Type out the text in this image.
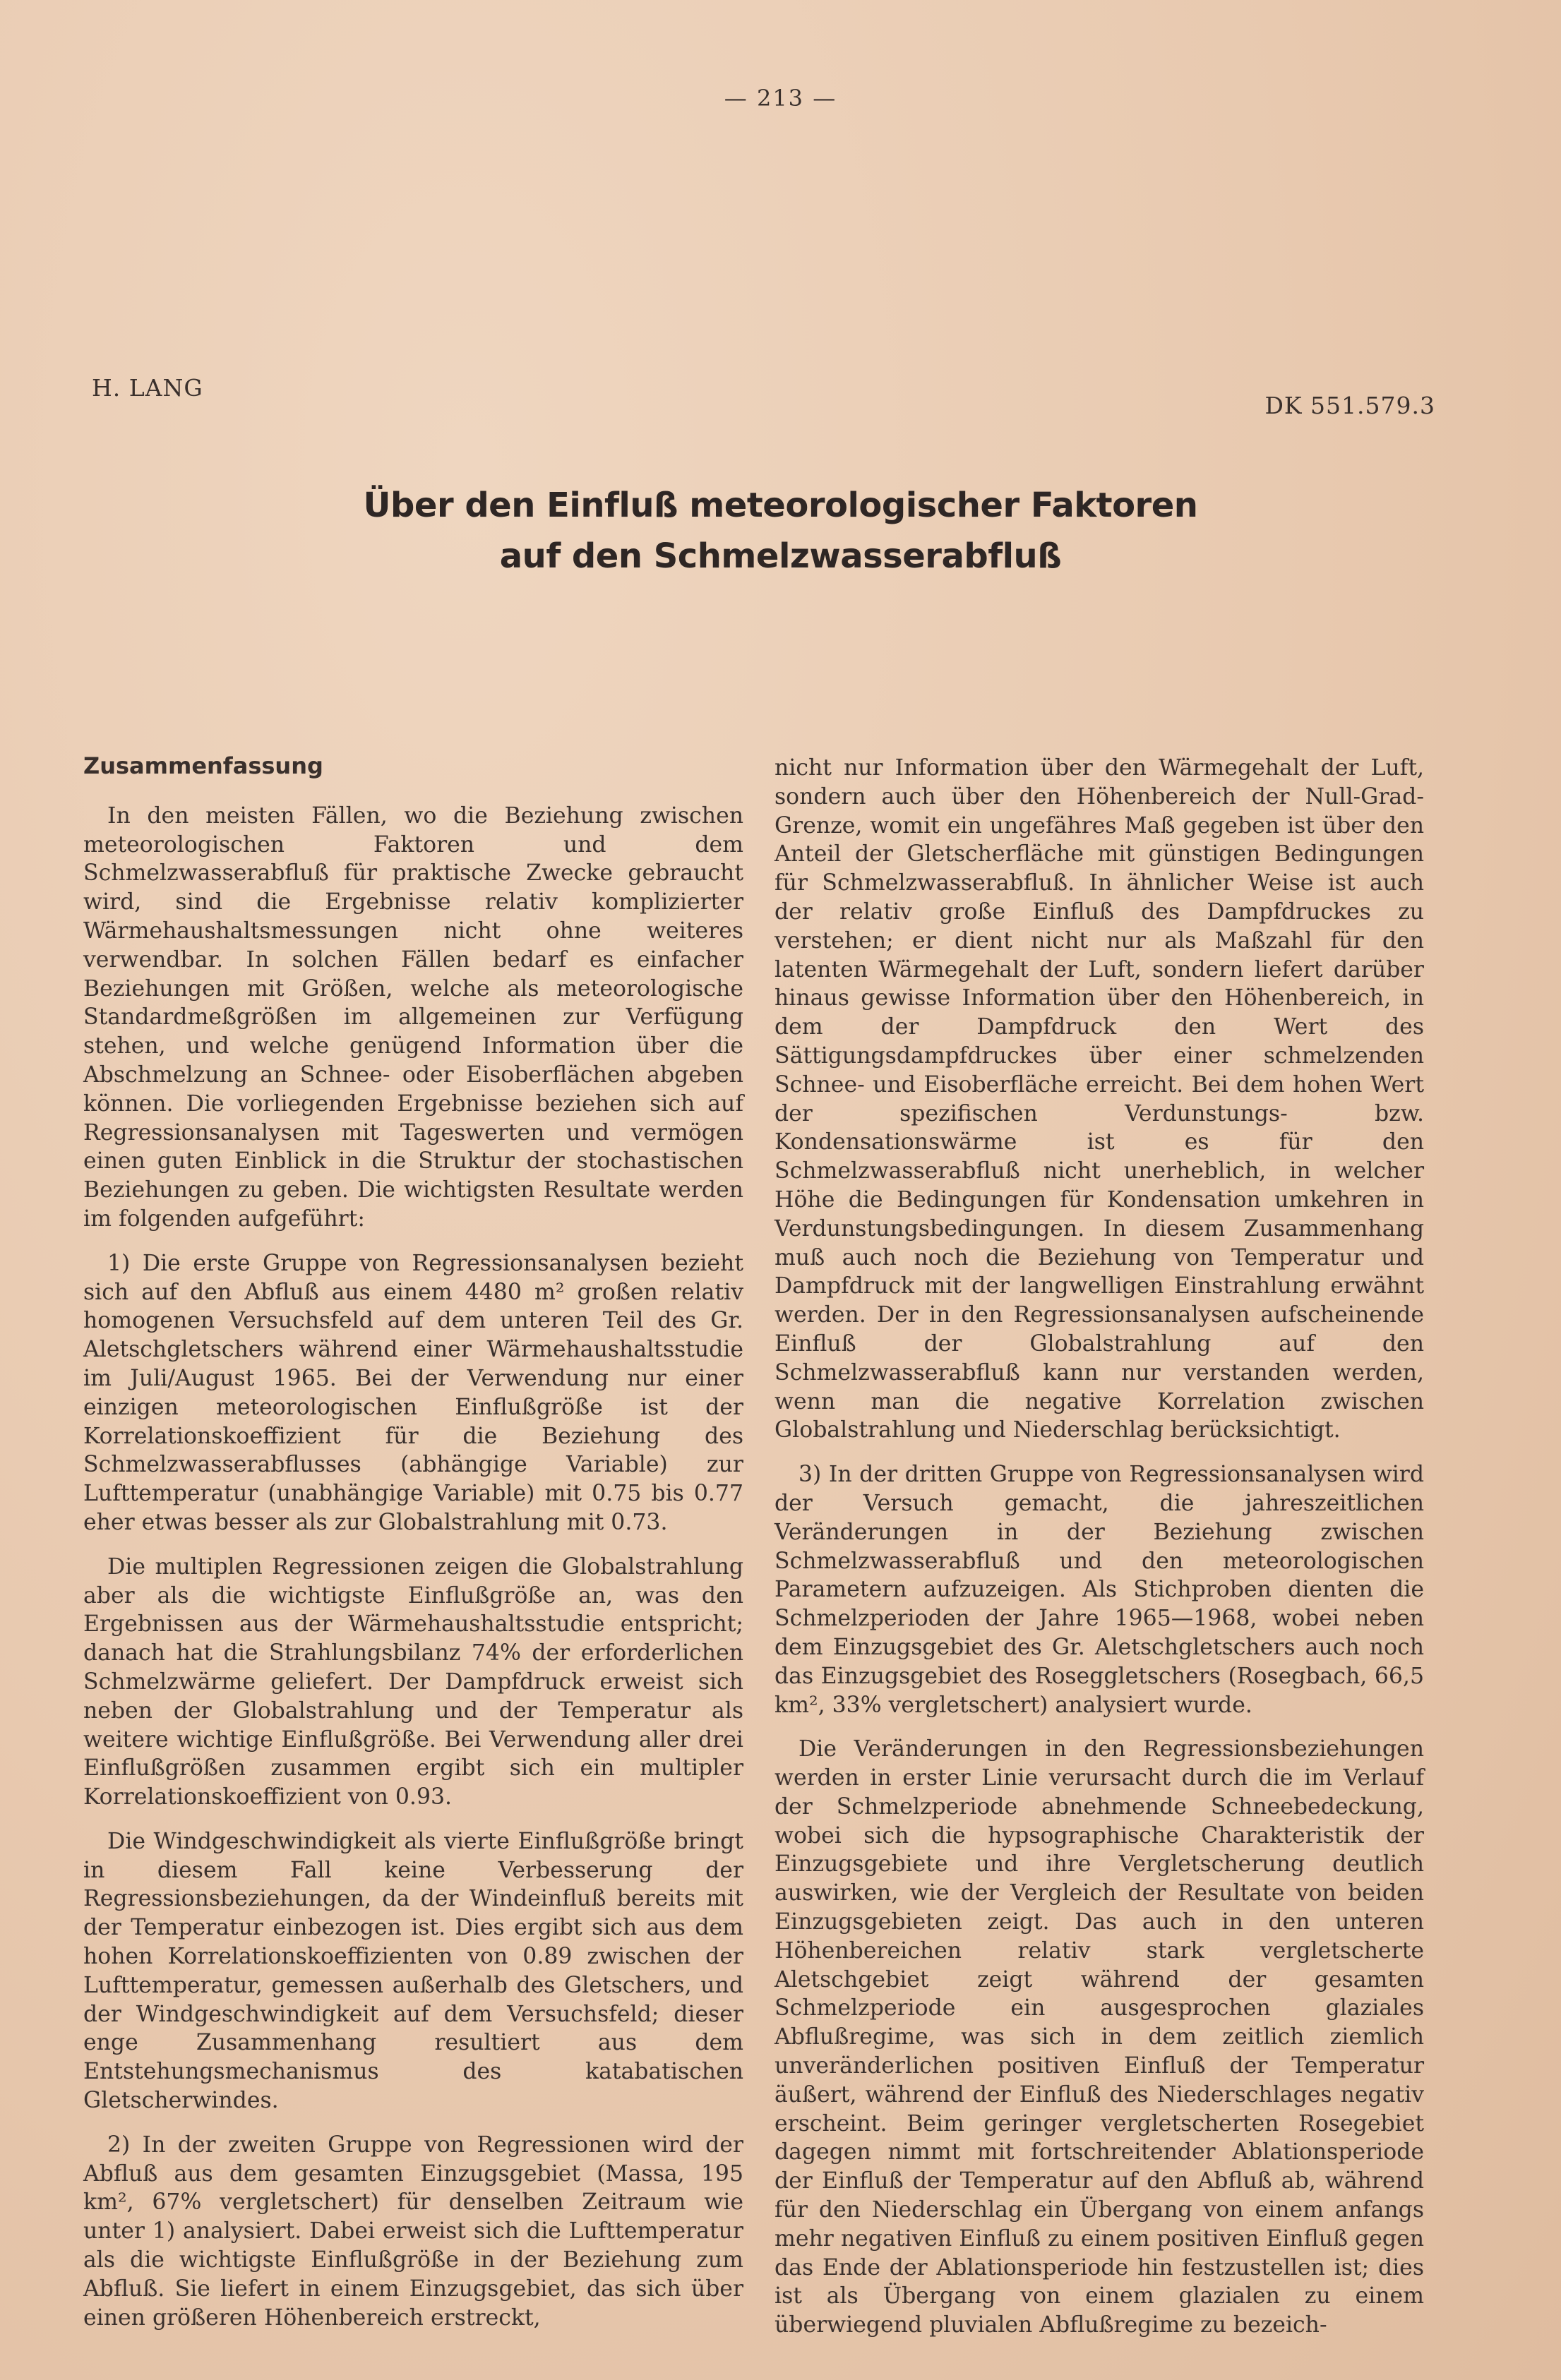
— 213 —
H. LANG
DK 551.579.3
Über den Einfluß meteorologischer Faktoren
auf den Schmelzwasserabfluß
Zusammenfassung

In den meisten Fällen, wo die Beziehung zwischen meteorologischen Faktoren und dem Schmelzwasserabfluß für praktische Zwecke gebraucht wird, sind die Ergebnisse relativ komplizierter Wärmehaushaltsmessungen nicht ohne weiteres verwendbar. In solchen Fällen bedarf es einfacher Beziehungen mit Größen, welche als meteorologische Standardmeßgrößen im allgemeinen zur Verfügung stehen, und welche genügend Information über die Abschmelzung an Schnee- oder Eisoberflächen abgeben können. Die vorliegenden Ergebnisse beziehen sich auf Regressionsanalysen mit Tageswerten und vermögen einen guten Einblick in die Struktur der stochastischen Beziehungen zu geben. Die wichtigsten Resultate werden im folgenden aufgeführt:

1) Die erste Gruppe von Regressionsanalysen bezieht sich auf den Abfluß aus einem 4480 m² großen relativ homogenen Versuchsfeld auf dem unteren Teil des Gr. Aletschgletschers während einer Wärmehaushaltsstudie im Juli/August 1965. Bei der Verwendung nur einer einzigen meteorologischen Einflußgröße ist der Korrelationskoeffizient für die Beziehung des Schmelzwasserabflusses (abhängige Variable) zur Lufttemperatur (unabhängige Variable) mit 0.75 bis 0.77 eher etwas besser als zur Globalstrahlung mit 0.73.

Die multiplen Regressionen zeigen die Globalstrahlung aber als die wichtigste Einflußgröße an, was den Ergebnissen aus der Wärmehaushaltsstudie entspricht; danach hat die Strahlungsbilanz 74% der erforderlichen Schmelzwärme geliefert. Der Dampfdruck erweist sich neben der Globalstrahlung und der Temperatur als weitere wichtige Einflußgröße. Bei Verwendung aller drei Einflußgrößen zusammen ergibt sich ein multipler Korrelationskoeffizient von 0.93.

Die Windgeschwindigkeit als vierte Einflußgröße bringt in diesem Fall keine Verbesserung der Regressionsbeziehungen, da der Windeinfluß bereits mit der Temperatur einbezogen ist. Dies ergibt sich aus dem hohen Korrelationskoeffizienten von 0.89 zwischen der Lufttemperatur, gemessen außerhalb des Gletschers, und der Windgeschwindigkeit auf dem Versuchsfeld; dieser enge Zusammenhang resultiert aus dem Entstehungsmechanismus des katabatischen Gletscherwindes.

2) In der zweiten Gruppe von Regressionen wird der Abfluß aus dem gesamten Einzugsgebiet (Massa, 195 km², 67% vergletschert) für denselben Zeitraum wie unter 1) analysiert. Dabei erweist sich die Lufttemperatur als die wichtigste Einflußgröße in der Beziehung zum Abfluß. Sie liefert in einem Einzugsgebiet, das sich über einen größeren Höhenbereich erstreckt,

nicht nur Information über den Wärmegehalt der Luft, sondern auch über den Höhenbereich der Null-Grad-Grenze, womit ein ungefähres Maß gegeben ist über den Anteil der Gletscherfläche mit günstigen Bedingungen für Schmelzwasserabfluß. In ähnlicher Weise ist auch der relativ große Einfluß des Dampfdruckes zu verstehen; er dient nicht nur als Maßzahl für den latenten Wärmegehalt der Luft, sondern liefert darüber hinaus gewisse Information über den Höhenbereich, in dem der Dampfdruck den Wert des Sättigungsdampfdruckes über einer schmelzenden Schnee- und Eisoberfläche erreicht. Bei dem hohen Wert der spezifischen Verdunstungs- bzw. Kondensationswärme ist es für den Schmelzwasserabfluß nicht unerheblich, in welcher Höhe die Bedingungen für Kondensation umkehren in Verdunstungsbedingungen. In diesem Zusammenhang muß auch noch die Beziehung von Temperatur und Dampfdruck mit der langwelligen Einstrahlung erwähnt werden. Der in den Regressionsanalysen aufscheinende Einfluß der Globalstrahlung auf den Schmelzwasserabfluß kann nur verstanden werden, wenn man die negative Korrelation zwischen Globalstrahlung und Niederschlag berücksichtigt.

3) In der dritten Gruppe von Regressionsanalysen wird der Versuch gemacht, die jahreszeitlichen Veränderungen in der Beziehung zwischen Schmelzwasserabfluß und den meteorologischen Parametern aufzuzeigen. Als Stichproben dienten die Schmelzperioden der Jahre 1965—1968, wobei neben dem Einzugsgebiet des Gr. Aletschgletschers auch noch das Einzugsgebiet des Roseggletschers (Rosegbach, 66,5 km², 33% vergletschert) analysiert wurde.

Die Veränderungen in den Regressionsbeziehungen werden in erster Linie verursacht durch die im Verlauf der Schmelzperiode abnehmende Schneebedeckung, wobei sich die hypsographische Charakteristik der Einzugsgebiete und ihre Vergletscherung deutlich auswirken, wie der Vergleich der Resultate von beiden Einzugsgebieten zeigt. Das auch in den unteren Höhenbereichen relativ stark vergletscherte Aletschgebiet zeigt während der gesamten Schmelzperiode ein ausgesprochen glaziales Abflußregime, was sich in dem zeitlich ziemlich unveränderlichen positiven Einfluß der Temperatur äußert, während der Einfluß des Niederschlages negativ erscheint. Beim geringer vergletscherten Rosegebiet dagegen nimmt mit fortschreitender Ablationsperiode der Einfluß der Temperatur auf den Abfluß ab, während für den Niederschlag ein Übergang von einem anfangs mehr negativen Einfluß zu einem positiven Einfluß gegen das Ende der Ablationsperiode hin festzustellen ist; dies ist als Übergang von einem glazialen zu einem überwiegend pluvialen Abflußregime zu bezeich-
